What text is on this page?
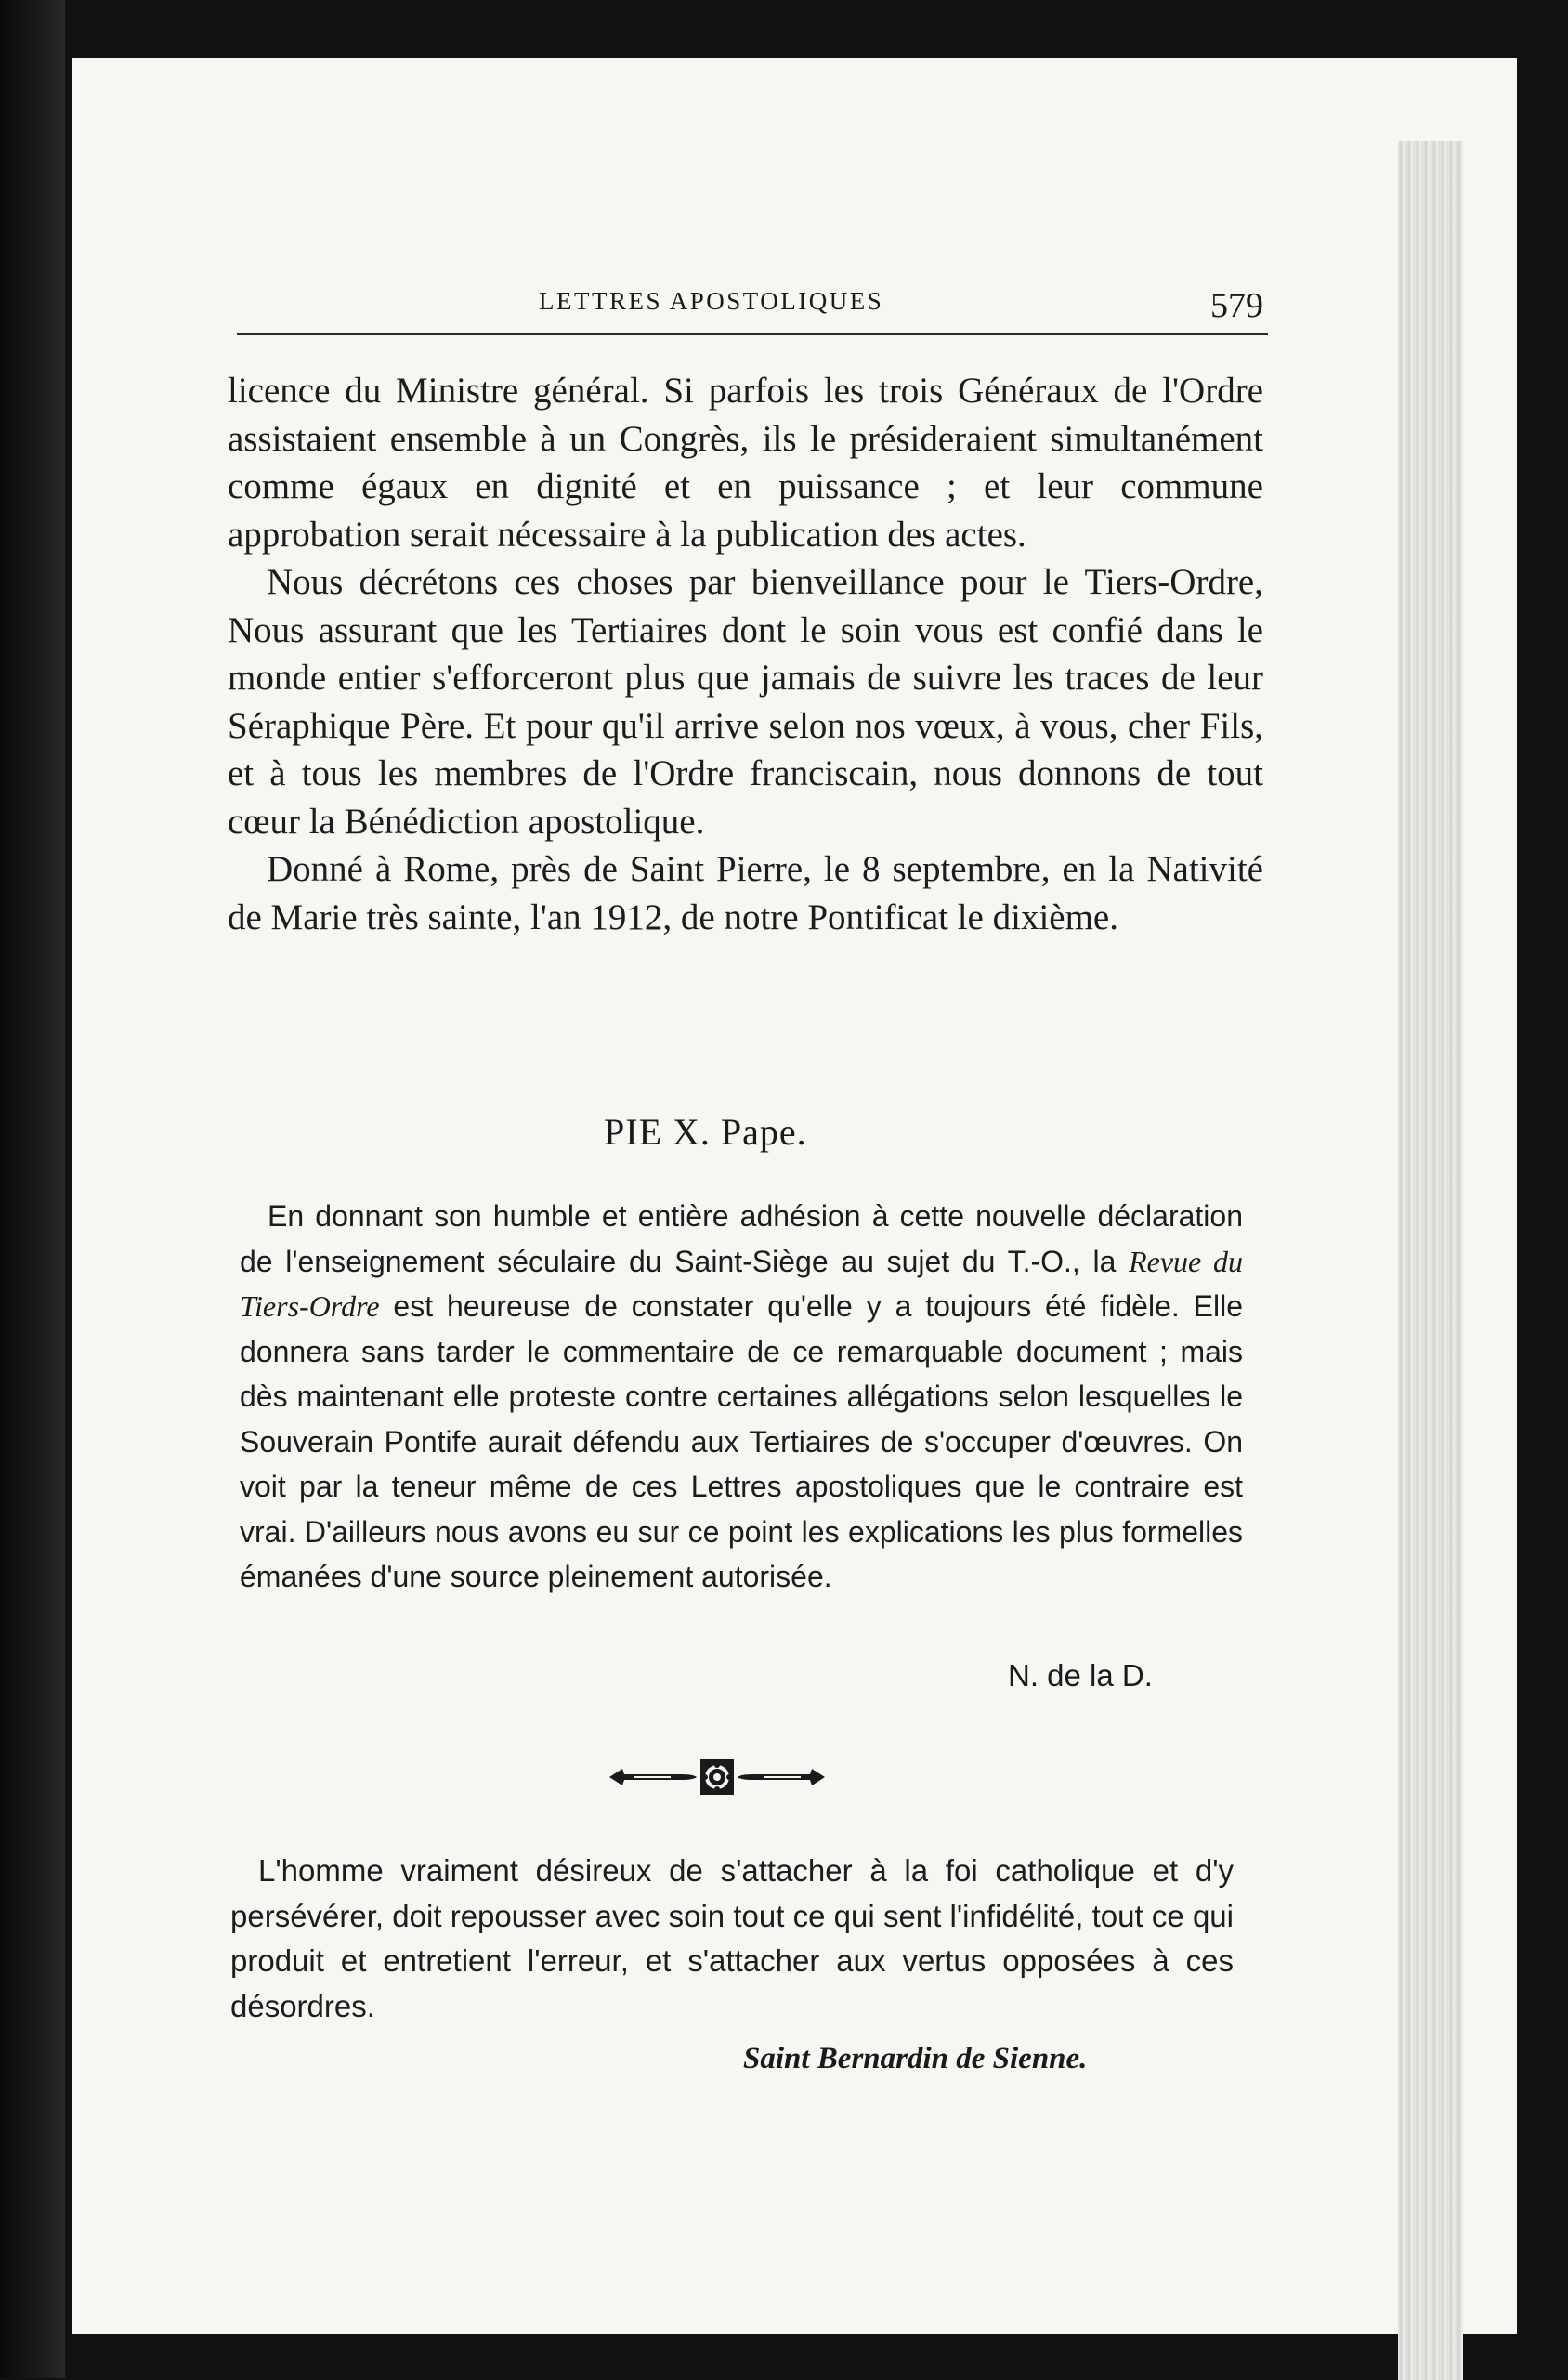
LETTRES APOSTOLIQUES	579

licence du Ministre général. Si parfois les trois Généraux de l'Ordre assistaient ensemble à un Congrès, ils le présideraient simultanément comme égaux en dignité et en puissance ; et leur commune approbation serait nécessaire à la publication des actes.

Nous décrétons ces choses par bienveillance pour le Tiers-Ordre, Nous assurant que les Tertiaires dont le soin vous est confié dans le monde entier s'efforceront plus que jamais de suivre les traces de leur Séraphique Père. Et pour qu'il arrive selon nos vœux, à vous, cher Fils, et à tous les membres de l'Ordre franciscain, nous donnons de tout cœur la Bénédiction apostolique.

Donné à Rome, près de Saint Pierre, le 8 septembre, en la Nativité de Marie très sainte, l'an 1912, de notre Pontificat le dixième.

PIE X. Pape.

En donnant son humble et entière adhésion à cette nouvelle déclaration de l'enseignement séculaire du Saint-Siège au sujet du T.-O., la Revue du Tiers-Ordre est heureuse de constater qu'elle y a toujours été fidèle. Elle donnera sans tarder le commentaire de ce remarquable document ; mais dès maintenant elle proteste contre certaines allégations selon lesquelles le Souverain Pontife aurait défendu aux Tertiaires de s'occuper d'œuvres. On voit par la teneur même de ces Lettres apostoliques que le contraire est vrai. D'ailleurs nous avons eu sur ce point les explications les plus formelles émanées d'une source pleinement autorisée.

N. de la D.

L'homme vraiment désireux de s'attacher à la foi catholique et d'y persévérer, doit repousser avec soin tout ce qui sent l'infidélité, tout ce qui produit et entretient l'erreur, et s'attacher aux vertus opposées à ces désordres.

Saint Bernardin de Sienne.
